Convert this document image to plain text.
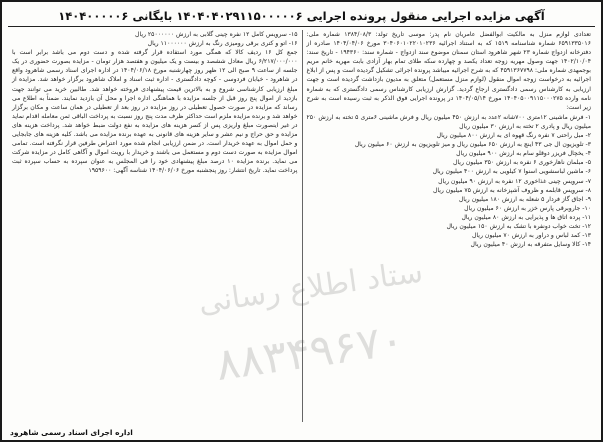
آگهی مزایده اجرایی منقول پرونده اجرایی ۱۴۰۴۰۴۰۲۹۱۱۵۰۰۰۰۰۶ بایگانی ۱۴۰۴۰۰۰۰۰۶

تعدادی لوازم منزل به مالکیت ابوالفضل عامریان نام پدر: موسی تاریخ تولد: ۱۳۸۴/۰۸/۳ شماره ملی: ۶۵۹۱۳۳۵۰۱۶ شماره شناسنامه ۱۵۱۹ که به استناد اجرائیه ۳۰۴۰۶۰۱۰۲۲۰۱۰۲۳۶ مورخ ۱۴۰۴/۰۴/۰۶ صادره از دفترخانه ازدواج شماره ۲۳ شهر شاهرود استان سمنان موضوع سند ازدواج - شماره سند: ۱۹۴۳۶۰ - تاریخ سند: ۱۴۰۲/۱۰/۰۴ جهت وصول مهریه زوجه تعداد یکصد و چهارده سکه طلای تمام بهار آزادی بابت مهریه خانم مریم بوجمهدی شماره ملی: ۴۵۹۱۳۶۷۷۹۸ که به شرح اجرائیه میباشد پرونده اجرائی تشکیل گردیده است و پس از ابلاغ اجرائیه به درخواست زوجه اموال منقول (لوازم منزل مستعمل) متعلق به مدیون بازداشت گردیده است و جهت ارزیابی به کارشناس رسمی دادگستری ارجاع گردید. گزارش ارزیابی کارشناس رسمی دادگستری که به شماره نامه وارده ۱۴۰۴۰۵۰۰۹۱۱۵۰۰۰۲۷۵ مورخ ۱۴۰۴/۰۵/۱۴ در پرونده اجرایی فوق الذکر به ثبت رسیده است به شرح زیر است:

۱- فرش ماشینی ۱۲متری ۷۰۰شانه ۲عدد به ارزش ۴۵۰ میلیون ریال و فرش ماشینی ۶متری ۵ تخته به ارزش ۲۵۰ میلیون ریال و پادری ۲ تخته به ارزش ۳۰ میلیون ریال

۲- مبل راحتی ۷ نفره رنگ قهوه ای به ارزش ۸۰۰ میلیون ریال

۳- تلویزیون ال جی ۴۳ اینچ به ارزش ۶۵۰ میلیون ریال و میز تلویزیون به ارزش ۶۰ میلیون ریال

۴- یخچال فریزر دوقلو سام به ارزش ۹۰۰ میلیون ریال

۵- مبلمان ناهارخوری ۶ نفره به ارزش ۳۵۰ میلیون ریال

۶- ماشین لباسشویی اسنوا ۷ کیلویی به ارزش ۴۰۰ میلیون ریال

۷- سرویس چینی غذاخوری ۱۲ نفره به ارزش ۹۰ میلیون ریال

۸- سرویس قابلمه و ظروف آشپزخانه به ارزش ۷۵ میلیون ریال

۹- اجاق گاز فردار ۵ شعله به ارزش ۱۸۰ میلیون ریال

۱۰- جاروبرقی پارس خزر به ارزش ۶۰ میلیون ریال

۱۱- پرده اتاق ها و پذیرایی به ارزش ۸۰ میلیون ریال

۱۲- تخت خواب دونفره با تشک به ارزش ۱۵۰ میلیون ریال

۱۳- کمد لباس و دراور به ارزش ۷۰ میلیون ریال

۱۴- کالا وسایل متفرقه به ارزش ۴۰ میلیون ریال

۱۵- سرویس کامل ۱۲ نفره چینی گلابی به ارزش ۲۵۰۰۰۰۰۰ ریال

۱۶- اتو و کتری برقی رومیزی رنگ به ارزش ۱۱۰۰۰۰۰۰ ریال

جمع کل ۱۶ ردیف کالا که همگی مورد استفاده قرار گرفته شده و دست دوم می باشد برابر است با ۶/۲۱۷/۰۰۰/۰۰۰ ریال معادل ششصد و بیست و یک میلیون و هفتصد هزار تومان - مزایده بصورت حضوری در یک جلسه از ساعت ۹ صبح الی ۱۲ ظهر روز چهارشنبه مورخ ۱۴۰۴/۰۶/۱۸ در اداره اجرای اسناد رسمی شاهرود واقع در شاهرود - خیابان فردوسی - کوچه دادگستری - اداره ثبت اسناد و املاک شاهرود برگزار خواهد شد. مزایده از مبلغ ارزیابی کارشناسی شروع و به بالاترین قیمت پیشنهادی فروخته خواهد شد. طالبین خرید می توانند جهت بازدید از اموال پنج روز قبل از جلسه مزایده با هماهنگی اداره اجرا و محل آن بازدید نمایند. ضمناً به اطلاع می رساند که مزایده در صورت حصول تعطیلی در روز مزایده در روز بعد از تعطیلی در همان ساعت و مکان برگزار خواهد شد و برنده مزایده ملزم است حداکثر ظرف مدت پنج روز نسبت به پرداخت الباقی ثمن معامله اقدام نماید در غیر اینصورت مبلغ واریزی پس از کسر هزینه های مزایده به نفع دولت ضبط خواهد شد. پرداخت هزینه های مزایده و حق حراج و نیم عشر و سایر هزینه های قانونی به عهده برنده مزایده می باشد. کلیه هزینه های جابجایی و حمل اموال به عهده خریدار است. در ضمن ارزیابی انجام شده مورد اعتراض طرفین قرار نگرفته است. تمامی اموال مزایده به صورت دست دوم و مستعمل می باشند و خریدار با رویت اموال و آگاهی کامل در مزایده شرکت می نماید. برنده مزایده ۱۰ درصد مبلغ پیشنهادی خود را فی المجلس به عنوان سپرده به حساب سپرده ثبت پرداخت نماید. تاریخ انتشار: روز پنجشنبه مورخ ۱۴۰۴/۰۶/۰۶ شناسه آگهی: ۱۹۵۹۶۰۰

ستاد اطلاع رسانی
۸۸۳۴۹۶۷۰
اداره اجرای اسناد رسمی شاهرود
